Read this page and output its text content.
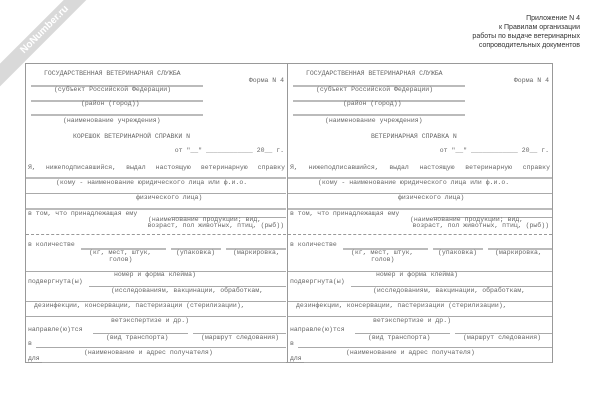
NoNumber.ru	Приложение N 4
к Правилам организации
работы по выдаче ветеринарных
сопроводительных документов
ГОСУДАРСТВЕННАЯ ВЕТЕРИНАРНАЯ СЛУЖБА
Форма N 4
(субъект Российской Федерации)
(район (город))
(наименование учреждения)
КОРЕШОК ВЕТЕРИНАРНОЙ СПРАВКИ N
от "__" ____________ 20__ г.
Я, нижеподписавшийся, выдал настоящую ветеринарную справку
(кому - наименование юридического лица или ф.и.о.
физического лица)
в том, что принадлежащая ему
(наименование продукции; вид,
возраст, пол животных, птиц, (рыб))
в количестве
(кг, мест, штук,	(упаковка)	(маркировка,
голов)
номер и форма клейма)
подвергнута(ы)
(исследованиям, вакцинации, обработкам,
дезинфекции, консервации, пастеризации (стерилизации),
ветэкспертизе и др.)
направле(ю)тся
(вид транспорта)	(маршрут следования)
в
(наименование и адрес получателя)
для
ГОСУДАРСТВЕННАЯ ВЕТЕРИНАРНАЯ СЛУЖБА
Форма N 4
(субъект Российской Федерации)
(район (город))
(наименование учреждения)
ВЕТЕРИНАРНАЯ СПРАВКА N
от "__" ____________ 20__ г.
Я, нижеподписавшийся, выдал настоящую ветеринарную справку
(кому - наименование юридического лица или ф.и.о.
физического лица)
в том, что принадлежащая ему
(наименование продукции; вид,
возраст, пол животных, птиц, (рыб))
в количестве
(кг, мест, штук,	(упаковка)	(маркировка,
голов)
номер и форма клейма)
подвергнута(ы)
(исследованиям, вакцинации, обработкам,
дезинфекции, консервации, пастеризации (стерилизации),
ветэкспертизе и др.)
направле(ю)тся
(вид транспорта)	(маршрут следования)
в
(наименование и адрес получателя)
для
